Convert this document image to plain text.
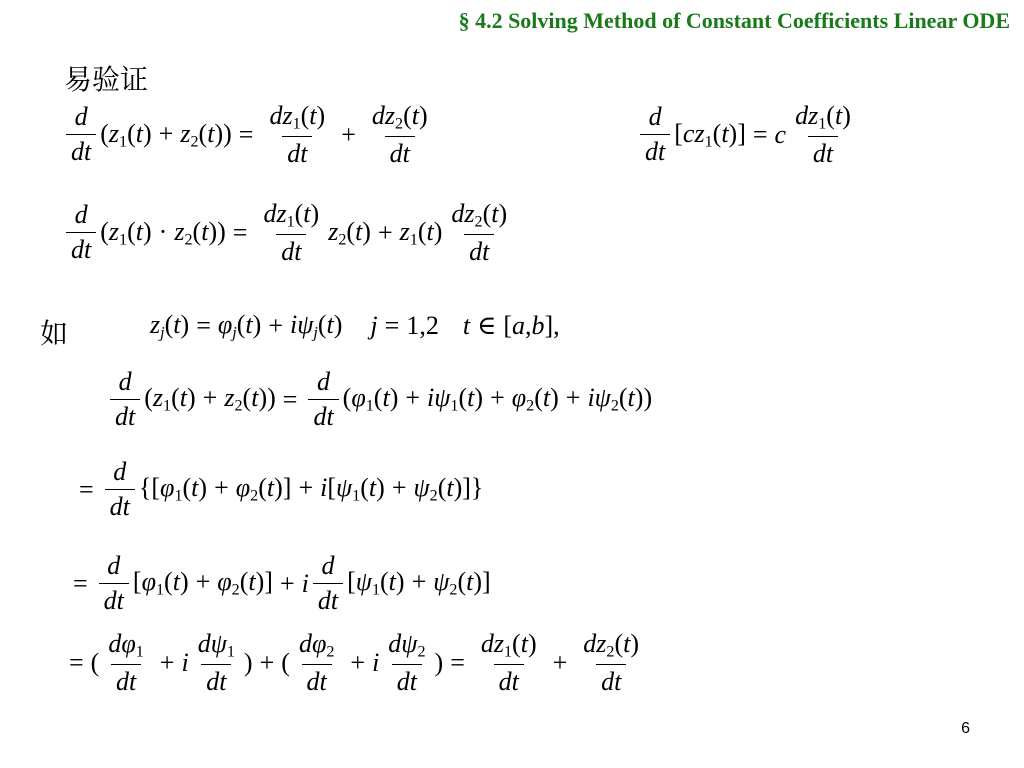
§ 4.2 Solving Method of Constant Coefficients Linear ODE
易验证
$\frac{d}{dt} (z_1(t) + z_2(t)) = \frac{dz_1(t)}{dt} + \frac{dz_2(t)}{dt}$	$\frac{d}{dt} [cz_1(t)] = c \frac{dz_1(t)}{dt}$
$\frac{d}{dt} (z_1(t) \cdot z_2(t)) = \frac{dz_1(t)}{dt} z_2(t) + z_1(t) \frac{dz_2(t)}{dt}$
如	$z_j(t) = \varphi_j(t) + i\psi_j(t) j = 1,2$ t ∈ [a,b],
$\frac{d}{dt} (z_1(t) + z_2(t)) = \frac{d}{dt} (\varphi_1(t) + i\psi_1(t) + \varphi_2(t) + i\psi_2(t))$
= $\frac{d}{dt} \{[\varphi_1(t) + \varphi_2(t)] + i[\psi_1(t) + \psi_2(t)]\}$
= $\frac{d}{dt} [\varphi_1(t) + \varphi_2(t)] + i \frac{d}{dt} [\psi_1(t) + \psi_2(t)]$
= ( $\frac{d\varphi_1}{dt} + i \frac{d\psi_1}{dt}$ ) + ( $\frac{d\varphi_2}{dt} + i \frac{d\psi_2}{dt}$ ) = $\frac{dz_1(t)}{dt} + \frac{dz_2(t)}{dt}$
6
